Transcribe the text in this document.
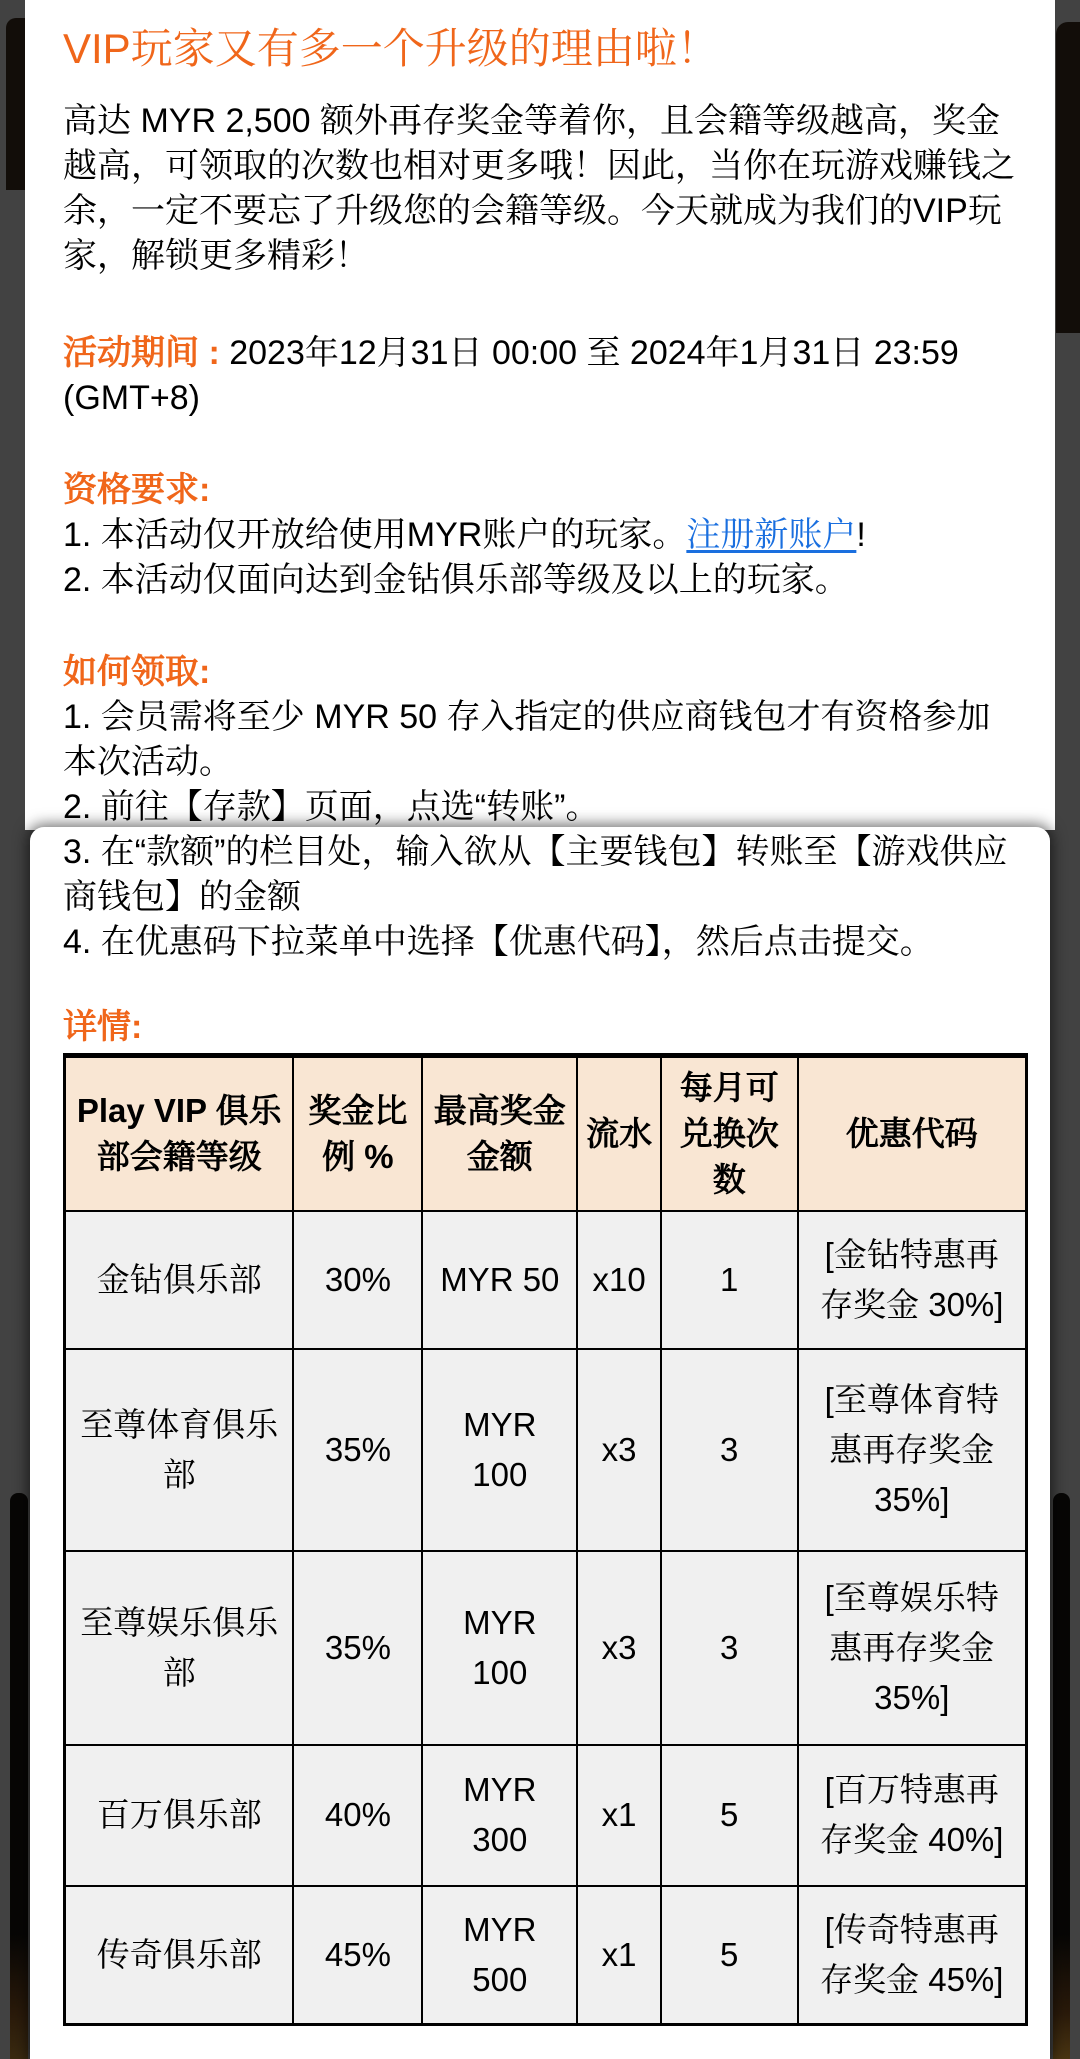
VIP玩家又有多一个升级的理由啦！

高达 MYR 2,500 额外再存奖金等着你，且会籍等级越高，奖金越高，可领取的次数也相对更多哦！因此，当你在玩游戏赚钱之余，一定不要忘了升级您的会籍等级。今天就成为我们的VIP玩家，解锁更多精彩！

活动期间 : 2023年12月31日 00:00 至 2024年1月31日 23:59 (GMT+8)

资格要求:

1. 本活动仅开放给使用MYR账户的玩家。注册新账户!

2. 本活动仅面向达到金钻俱乐部等级及以上的玩家。

如何领取:

1. 会员需将至少 MYR 50 存入指定的供应商钱包才有资格参加本次活动。

2. 前往【存款】页面，点选“转账”。

3. 在“款额”的栏目处，输入欲从【主要钱包】转账至【游戏供应商钱包】的金额

4. 在优惠码下拉菜单中选择【优惠代码】，然后点击提交。

详情:
Play VIP 俱乐部会籍等级	奖金比例 %	最高奖金金额	流水	每月可兑换次数	优惠代码
金钻俱乐部	30%	MYR 50	x10	1	[金钻特惠再存奖金 30%]
至尊体育俱乐部	35%	MYR 100	x3	3	[至尊体育特惠再存奖金 35%]
至尊娱乐俱乐部	35%	MYR 100	x3	3	[至尊娱乐特惠再存奖金 35%]
百万俱乐部	40%	MYR 300	x1	5	[百万特惠再存奖金 40%]
传奇俱乐部	45%	MYR 500	x1	5	[传奇特惠再存奖金 45%]
